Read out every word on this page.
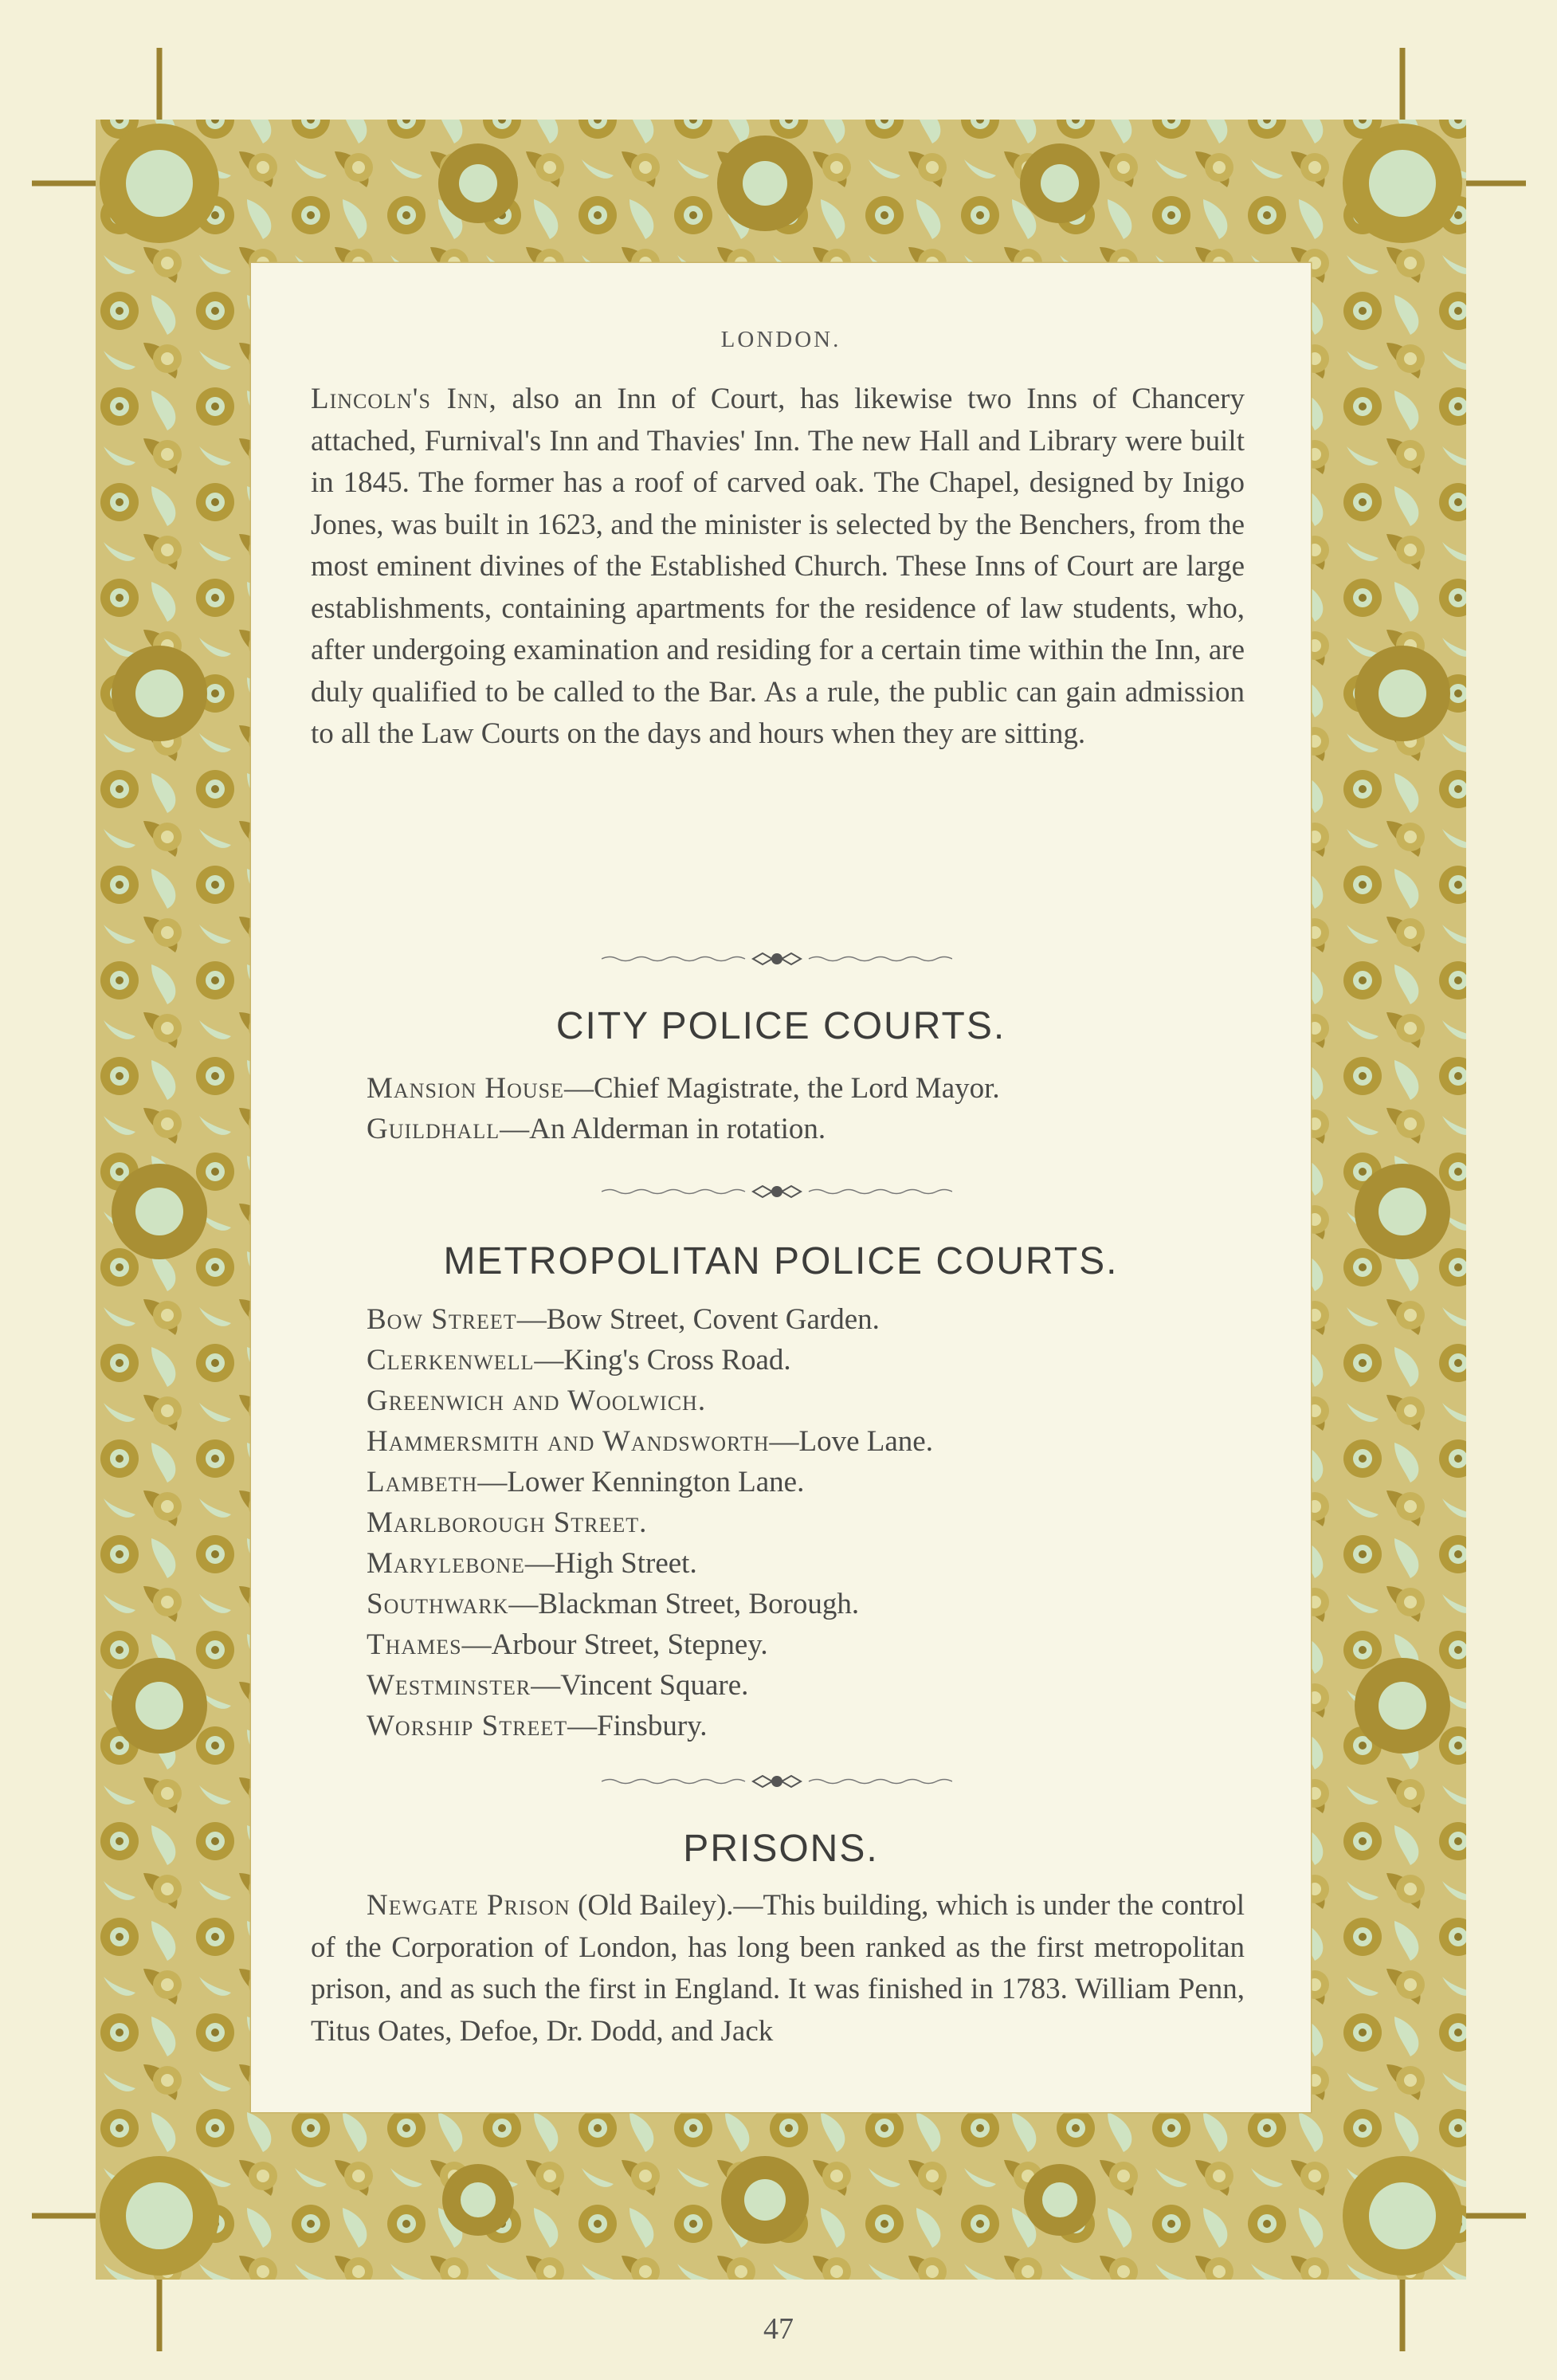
LONDON.

Lincoln's Inn, also an Inn of Court, has likewise two Inns of Chancery attached, Furnival's Inn and Thavies' Inn. The new Hall and Library were built in 1845. The former has a roof of carved oak. The Chapel, designed by Inigo Jones, was built in 1623, and the minister is selected by the Benchers, from the most eminent divines of the Established Church. These Inns of Court are large establishments, containing apartments for the residence of law students, who, after undergoing examination and residing for a certain time within the Inn, are duly qualified to be called to the Bar. As a rule, the public can gain admission to all the Law Courts on the days and hours when they are sitting.

CITY POLICE COURTS.
Mansion House—Chief Magistrate, the Lord Mayor.
Guildhall—An Alderman in rotation.
METROPOLITAN POLICE COURTS.
Bow Street—Bow Street, Covent Garden.
Clerkenwell—King's Cross Road.
Greenwich and Woolwich.
Hammersmith and Wandsworth—Love Lane.
Lambeth—Lower Kennington Lane.
Marlborough Street.
Marylebone—High Street.
Southwark—Blackman Street, Borough.
Thames—Arbour Street, Stepney.
Westminster—Vincent Square.
Worship Street—Finsbury.
PRISONS.

Newgate Prison (Old Bailey).—This building, which is under the control of the Corporation of London, has long been ranked as the first metropolitan prison, and as such the first in England. It was finished in 1783. William Penn, Titus Oates, Defoe, Dr. Dodd, and Jack

47
